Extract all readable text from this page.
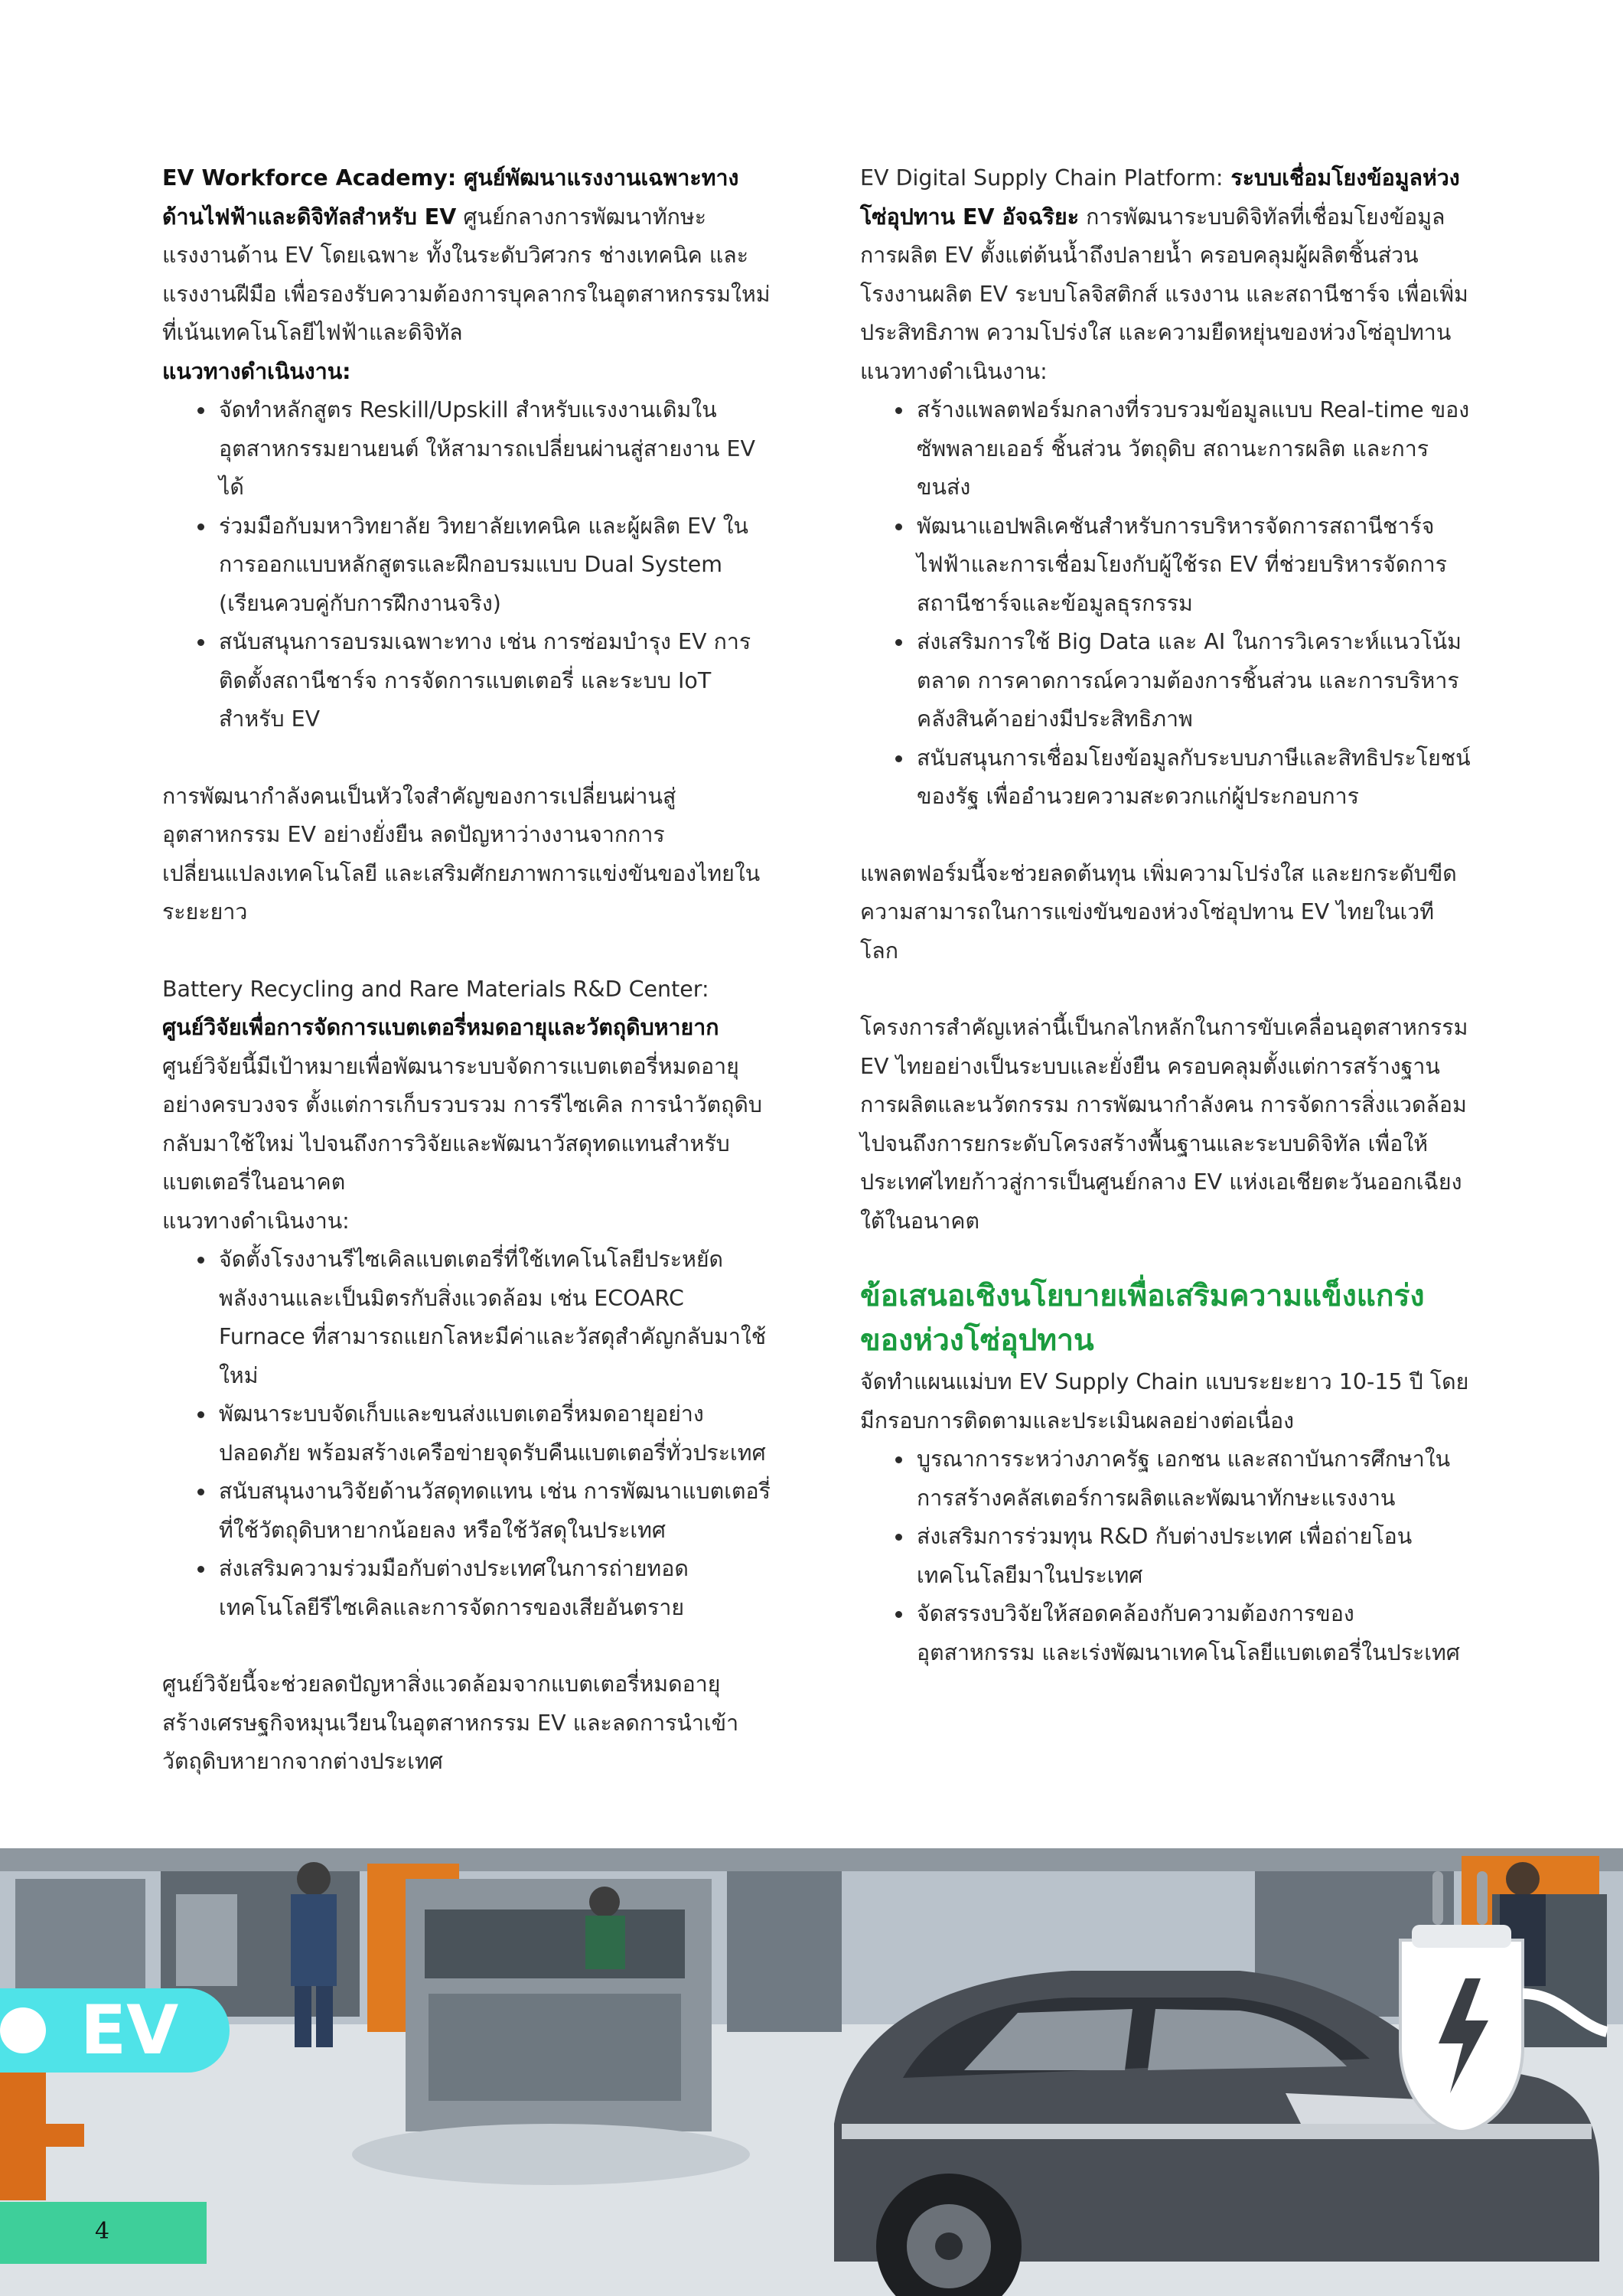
EV Workforce Academy: ศูนย์พัฒนาแรงงานเฉพาะทางด้านไฟฟ้าและดิจิทัลสำหรับ EV ศูนย์กลางการพัฒนาทักษะแรงงานด้าน EV โดยเฉพาะ ทั้งในระดับวิศวกร ช่างเทคนิค และแรงงานฝีมือ เพื่อรองรับความต้องการบุคลากรในอุตสาหกรรมใหม่ที่เน้นเทคโนโลยีไฟฟ้าและดิจิทัล

แนวทางดำเนินงาน:

• จัดทำหลักสูตร Reskill/Upskill สำหรับแรงงานเดิมในอุตสาหกรรมยานยนต์ ให้สามารถเปลี่ยนผ่านสู่สายงาน EV ได้
• ร่วมมือกับมหาวิทยาลัย วิทยาลัยเทคนิค และผู้ผลิต EV ในการออกแบบหลักสูตรและฝึกอบรมแบบ Dual System (เรียนควบคู่กับการฝึกงานจริง)
• สนับสนุนการอบรมเฉพาะทาง เช่น การซ่อมบำรุง EV การติดตั้งสถานีชาร์จ การจัดการแบตเตอรี่ และระบบ IoT สำหรับ EV

การพัฒนากำลังคนเป็นหัวใจสำคัญของการเปลี่ยนผ่านสู่อุตสาหกรรม EV อย่างยั่งยืน ลดปัญหาว่างงานจากการเปลี่ยนแปลงเทคโนโลยี และเสริมศักยภาพการแข่งขันของไทยในระยะยาว

Battery Recycling and Rare Materials R&D Center:

ศูนย์วิจัยเพื่อการจัดการแบตเตอรี่หมดอายุและวัตถุดิบหายาก

ศูนย์วิจัยนี้มีเป้าหมายเพื่อพัฒนาระบบจัดการแบตเตอรี่หมดอายุอย่างครบวงจร ตั้งแต่การเก็บรวบรวม การรีไซเคิล การนำวัตถุดิบกลับมาใช้ใหม่ ไปจนถึงการวิจัยและพัฒนาวัสดุทดแทนสำหรับแบตเตอรี่ในอนาคต

แนวทางดำเนินงาน:

• จัดตั้งโรงงานรีไซเคิลแบตเตอรี่ที่ใช้เทคโนโลยีประหยัดพลังงานและเป็นมิตรกับสิ่งแวดล้อม เช่น ECOARC Furnace ที่สามารถแยกโลหะมีค่าและวัสดุสำคัญกลับมาใช้ใหม่
• พัฒนาระบบจัดเก็บและขนส่งแบตเตอรี่หมดอายุอย่างปลอดภัย พร้อมสร้างเครือข่ายจุดรับคืนแบตเตอรี่ทั่วประเทศ
• สนับสนุนงานวิจัยด้านวัสดุทดแทน เช่น การพัฒนาแบตเตอรี่ที่ใช้วัตถุดิบหายากน้อยลง หรือใช้วัสดุในประเทศ
• ส่งเสริมความร่วมมือกับต่างประเทศในการถ่ายทอดเทคโนโลยีรีไซเคิลและการจัดการของเสียอันตราย

ศูนย์วิจัยนี้จะช่วยลดปัญหาสิ่งแวดล้อมจากแบตเตอรี่หมดอายุ สร้างเศรษฐกิจหมุนเวียนในอุตสาหกรรม EV และลดการนำเข้าวัตถุดิบหายากจากต่างประเทศ

EV Digital Supply Chain Platform: ระบบเชื่อมโยงข้อมูลห่วงโซ่อุปทาน EV อัจฉริยะ การพัฒนาระบบดิจิทัลที่เชื่อมโยงข้อมูลการผลิต EV ตั้งแต่ต้นน้ำถึงปลายน้ำ ครอบคลุมผู้ผลิตชิ้นส่วน โรงงานผลิต EV ระบบโลจิสติกส์ แรงงาน และสถานีชาร์จ เพื่อเพิ่มประสิทธิภาพ ความโปร่งใส และความยืดหยุ่นของห่วงโซ่อุปทาน

แนวทางดำเนินงาน:

• สร้างแพลตฟอร์มกลางที่รวบรวมข้อมูลแบบ Real-time ของซัพพลายเออร์ ชิ้นส่วน วัตถุดิบ สถานะการผลิต และการขนส่ง
• พัฒนาแอปพลิเคชันสำหรับการบริหารจัดการสถานีชาร์จไฟฟ้าและการเชื่อมโยงกับผู้ใช้รถ EV ที่ช่วยบริหารจัดการสถานีชาร์จและข้อมูลธุรกรรม
• ส่งเสริมการใช้ Big Data และ AI ในการวิเคราะห์แนวโน้มตลาด การคาดการณ์ความต้องการชิ้นส่วน และการบริหารคลังสินค้าอย่างมีประสิทธิภาพ
• สนับสนุนการเชื่อมโยงข้อมูลกับระบบภาษีและสิทธิประโยชน์ของรัฐ เพื่ออำนวยความสะดวกแก่ผู้ประกอบการ

แพลตฟอร์มนี้จะช่วยลดต้นทุน เพิ่มความโปร่งใส และยกระดับขีดความสามารถในการแข่งขันของห่วงโซ่อุปทาน EV ไทยในเวทีโลก

โครงการสำคัญเหล่านี้เป็นกลไกหลักในการขับเคลื่อนอุตสาหกรรม EV ไทยอย่างเป็นระบบและยั่งยืน ครอบคลุมตั้งแต่การสร้างฐานการผลิตและนวัตกรรม การพัฒนากำลังคน การจัดการสิ่งแวดล้อม ไปจนถึงการยกระดับโครงสร้างพื้นฐานและระบบดิจิทัล เพื่อให้ประเทศไทยก้าวสู่การเป็นศูนย์กลาง EV แห่งเอเชียตะวันออกเฉียงใต้ในอนาคต

ข้อเสนอเชิงนโยบายเพื่อเสริมความแข็งแกร่งของห่วงโซ่อุปทาน

จัดทำแผนแม่บท EV Supply Chain แบบระยะยาว 10-15 ปี โดยมีกรอบการติดตามและประเมินผลอย่างต่อเนื่อง

• บูรณาการระหว่างภาครัฐ เอกชน และสถาบันการศึกษาในการสร้างคลัสเตอร์การผลิตและพัฒนาทักษะแรงงาน
• ส่งเสริมการร่วมทุน R&D กับต่างประเทศ เพื่อถ่ายโอนเทคโนโลยีมาในประเทศ
• จัดสรรงบวิจัยให้สอดคล้องกับความต้องการของอุตสาหกรรม และเร่งพัฒนาเทคโนโลยีแบตเตอรี่ในประเทศ
EV
4
